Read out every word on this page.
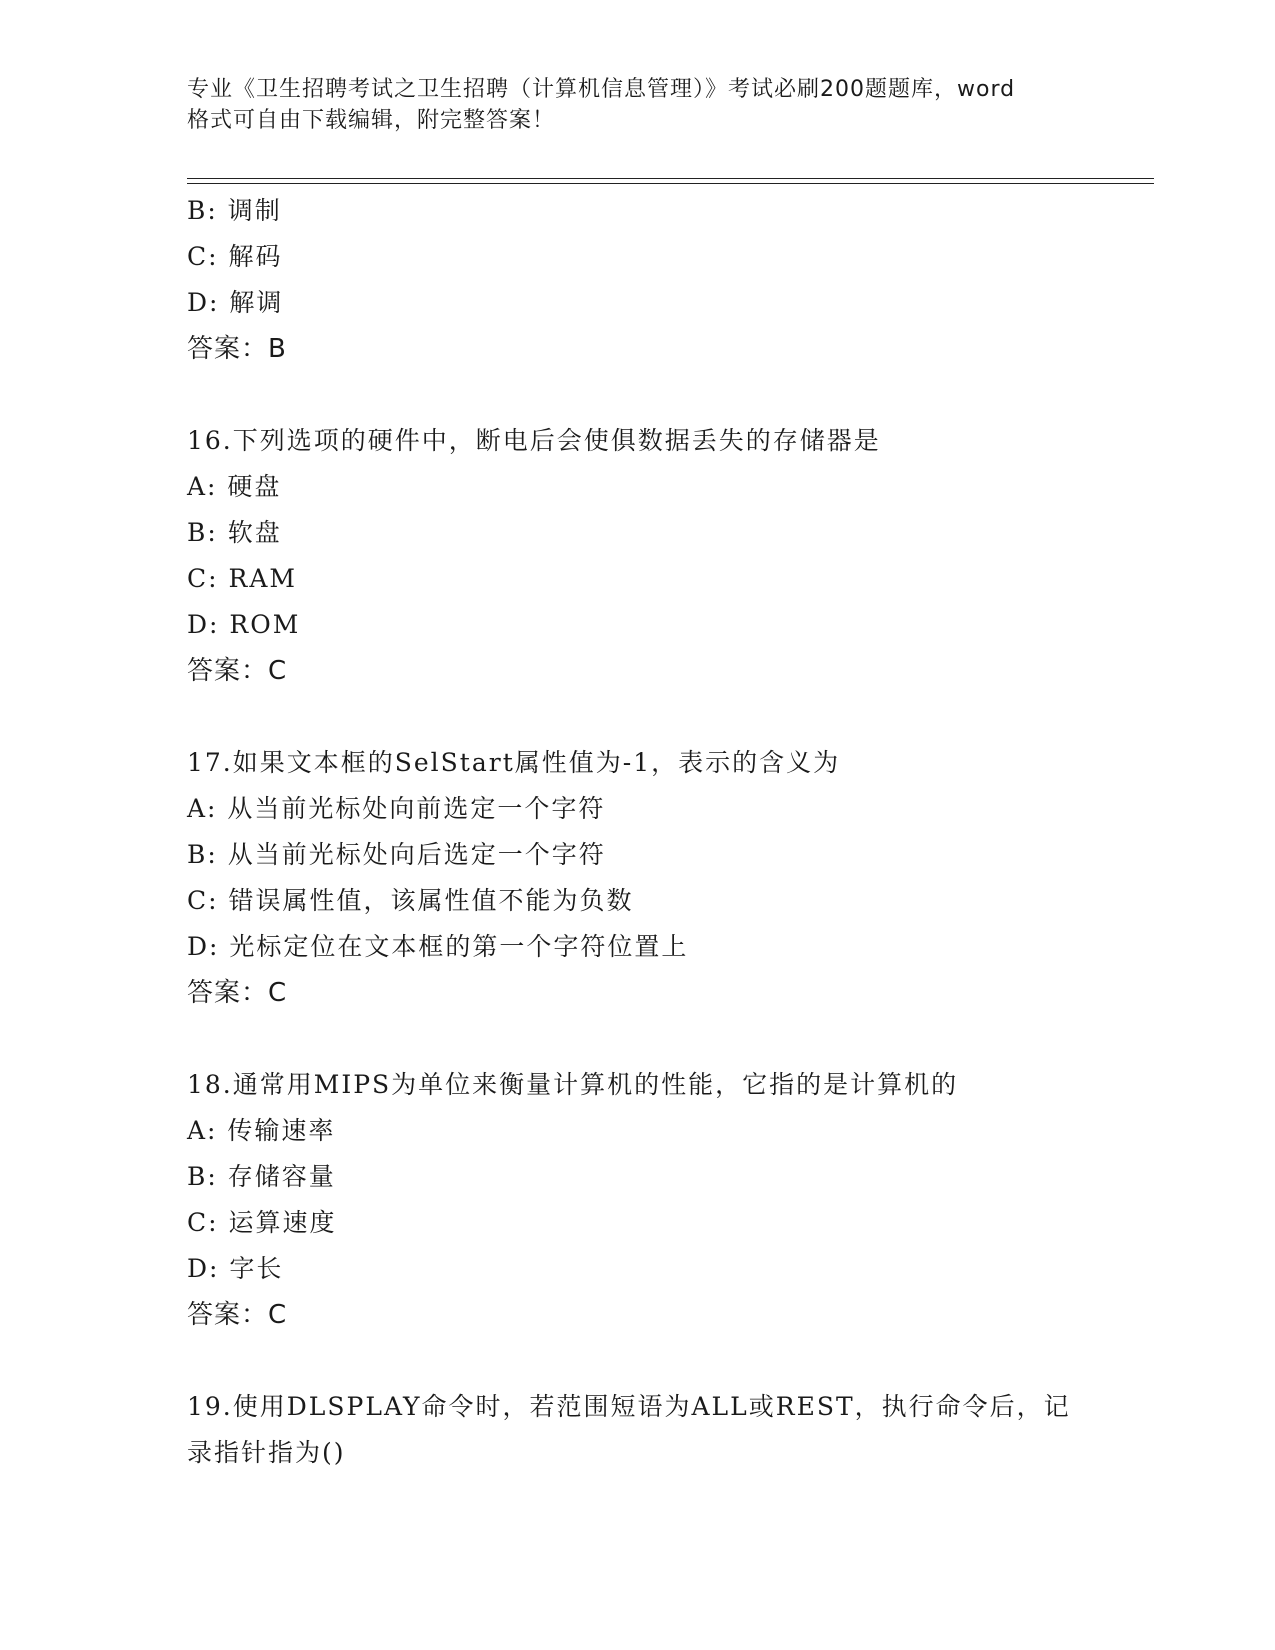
专业《卫生招聘考试之卫生招聘（计算机信息管理）》考试必刷200题题库，word
格式可自由下载编辑，附完整答案！
B: 调制
C: 解码
D: 解调
答案：B
16.下列选项的硬件中，断电后会使俱数据丢失的存储器是
A: 硬盘
B: 软盘
C: RAM
D: ROM
答案：C
17.如果文本框的SelStart属性值为-1，表示的含义为
A: 从当前光标处向前选定一个字符
B: 从当前光标处向后选定一个字符
C: 错误属性值，该属性值不能为负数
D: 光标定位在文本框的第一个字符位置上
答案：C
18.通常用MIPS为单位来衡量计算机的性能，它指的是计算机的
A: 传输速率
B: 存储容量
C: 运算速度
D: 字长
答案：C
19.使用DLSPLAY命令时，若范围短语为ALL或REST，执行命令后，记
录指针指为()
